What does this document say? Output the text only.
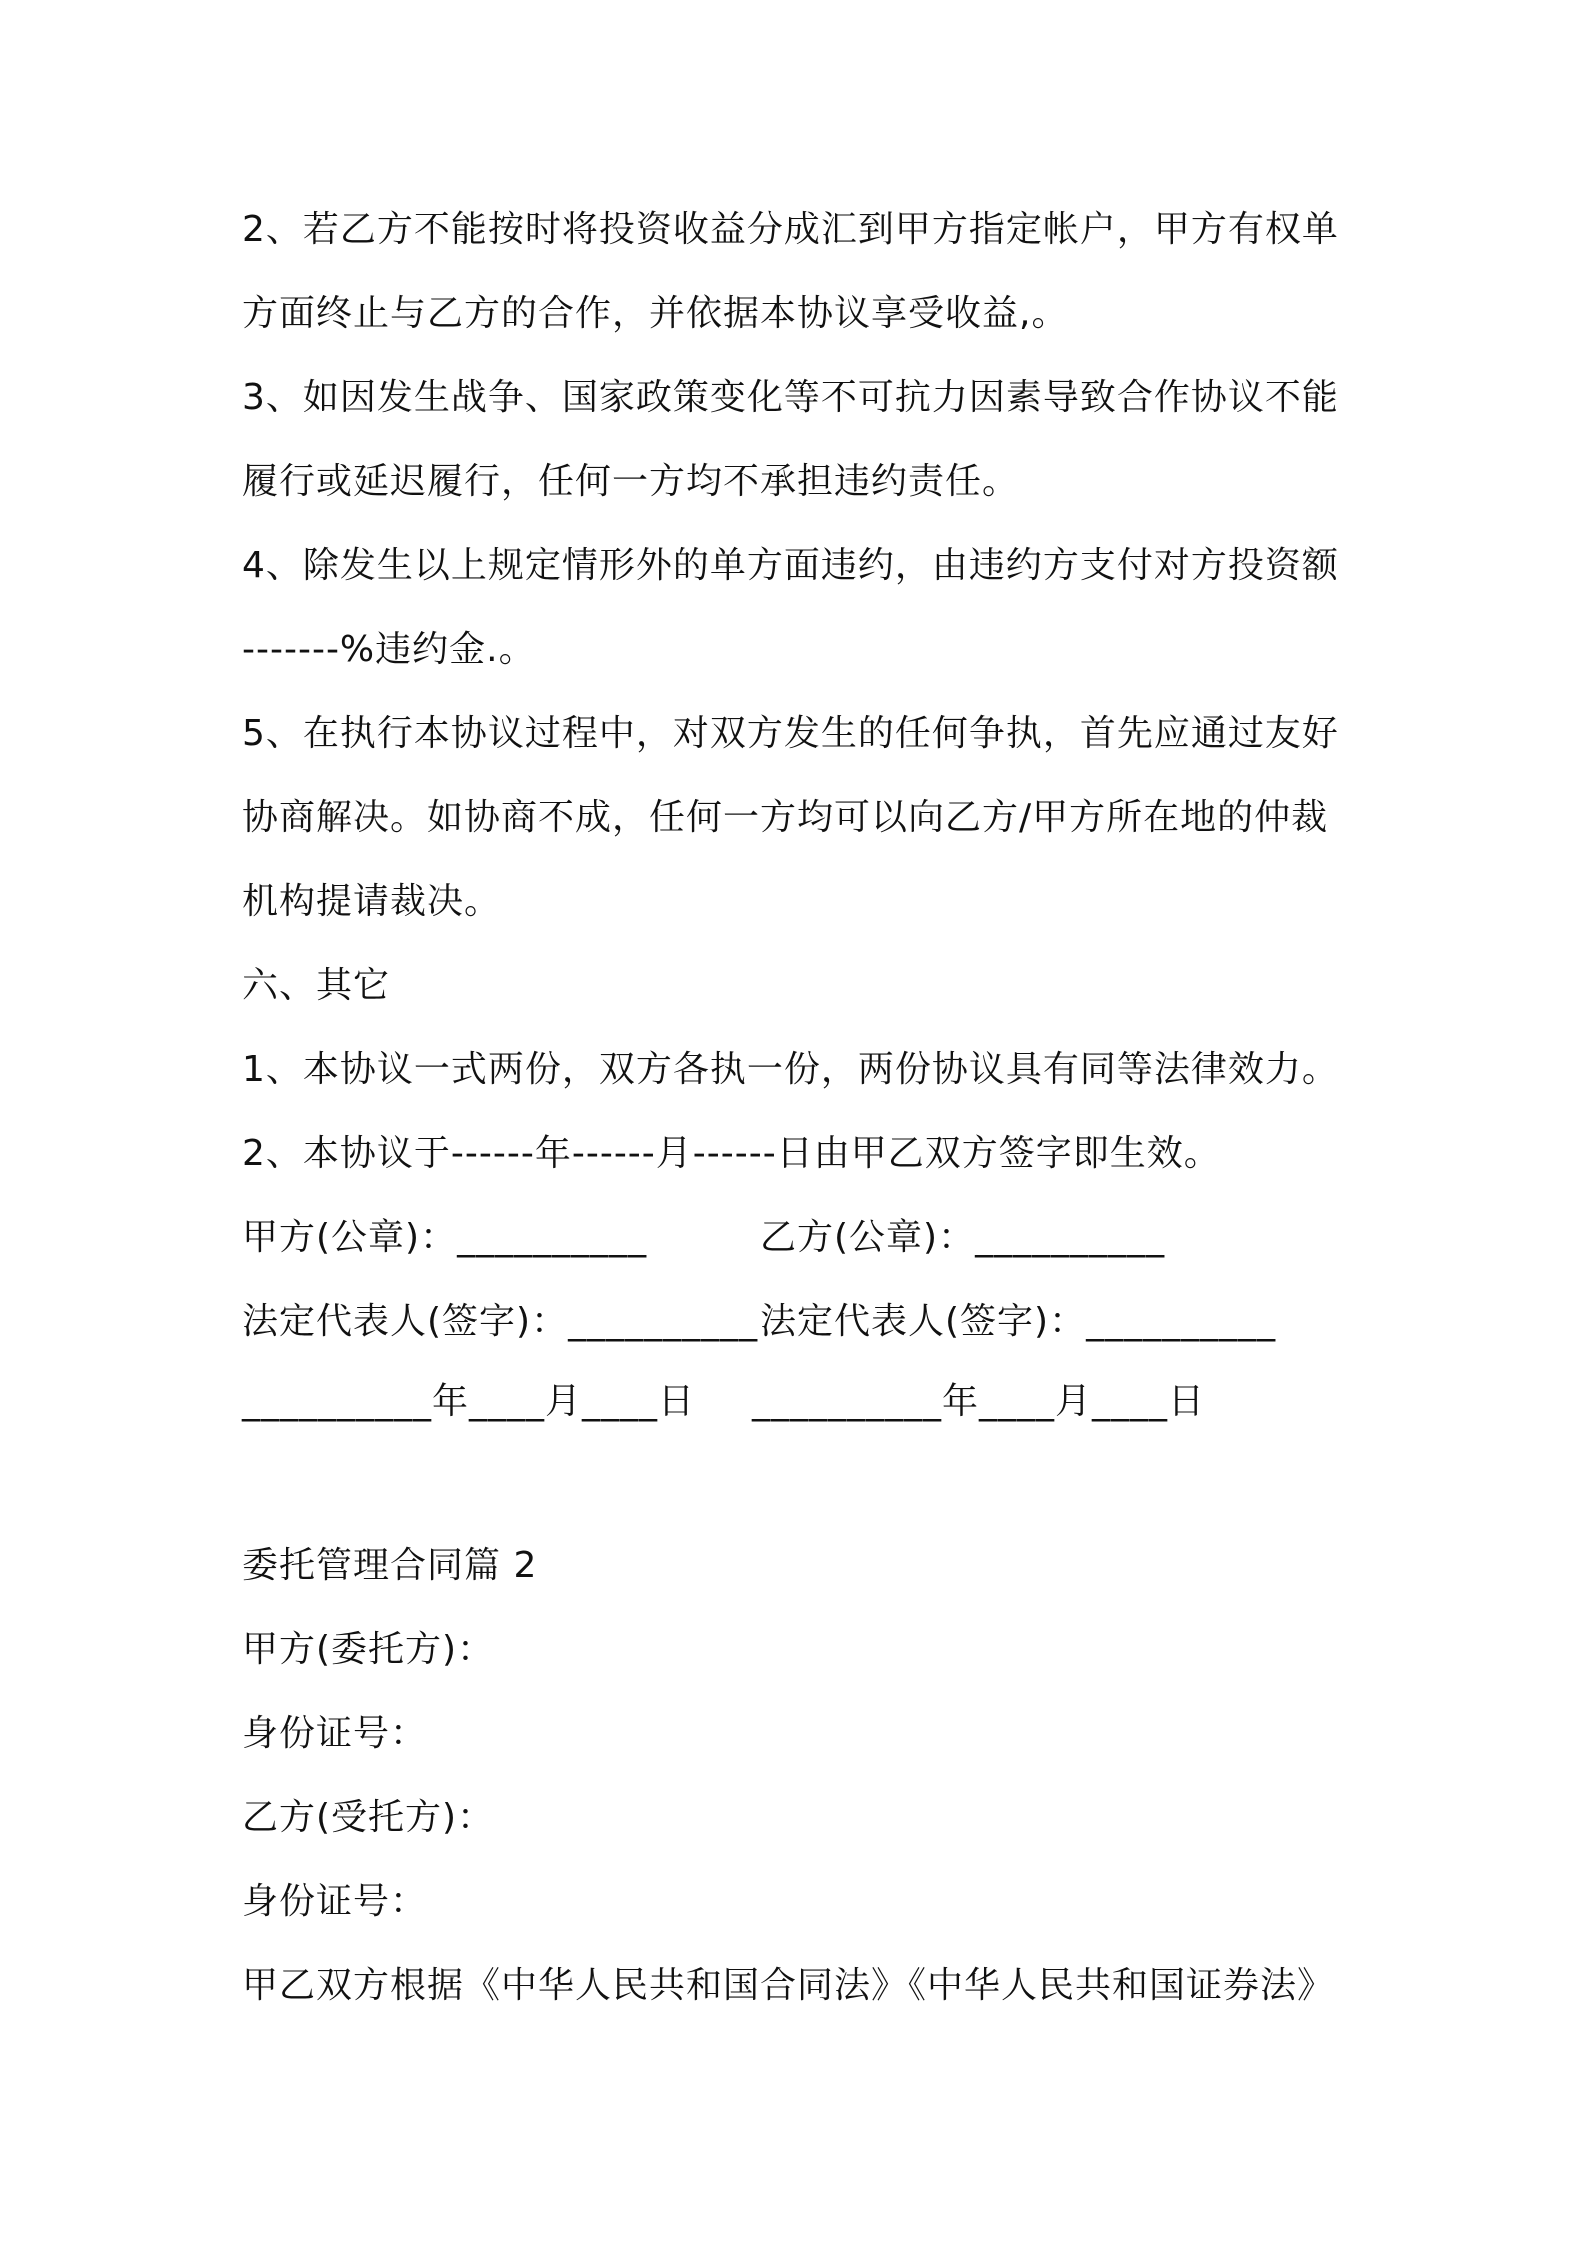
2、若乙方不能按时将投资收益分成汇到甲方指定帐户，甲方有权单
方面终止与乙方的合作，并依据本协议享受收益,。
3、如因发生战争、国家政策变化等不可抗力因素导致合作协议不能
履行或延迟履行，任何一方均不承担违约责任。
4、除发生以上规定情形外的单方面违约，由违约方支付对方投资额
-------%违约金.。
5、在执行本协议过程中，对双方发生的任何争执，首先应通过友好
协商解决。如协商不成，任何一方均可以向乙方/甲方所在地的仲裁
机构提请裁决。
六、其它
1、本协议一式两份，双方各执一份，两份协议具有同等法律效力。
2、本协议于------年------月------日由甲乙双方签字即生效。
甲方(公章)：__________	乙方(公章)：__________
法定代表人(签字)：__________ 法定代表人(签字)：__________
__________年____月____日 __________年____月____日
委托管理合同篇 2
甲方(委托方)：
身份证号：
乙方(受托方)：
身份证号：
甲乙双方根据《中华人民共和国合同法》《中华人民共和国证券法》
